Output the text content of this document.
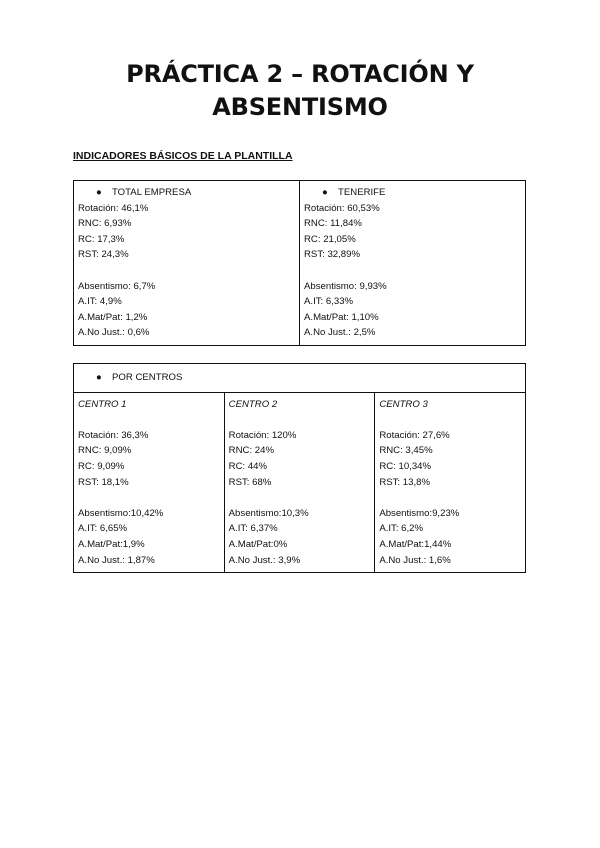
PRÁCTICA 2 – ROTACIÓN Y
ABSENTISMO
INDICADORES BÁSICOS DE LA PLANTILLA
● TOTAL EMPRESA
Rotación: 46,1%
RNC: 6,93%
RC: 17,3%
RST: 24,3%
Absentismo: 6,7%
A.IT: 4,9%
A.Mat/Pat: 1,2%
A.No Just.: 0,6%

● TENERIFE
Rotación: 60,53%
RNC: 11,84%
RC: 21,05%
RST: 32,89%
Absentismo: 9,93%
A.IT: 6,33%
A.Mat/Pat: 1,10%
A.No Just.: 2,5%
● POR CENTROS

CENTRO 1
Rotación: 36,3%
RNC: 9,09%
RC: 9,09%
RST: 18,1%
Absentismo:10,42%
A.IT: 6,65%
A.Mat/Pat:1,9%
A.No Just.: 1,87%

CENTRO 2
Rotación: 120%
RNC: 24%
RC: 44%
RST: 68%
Absentismo:10,3%
A.IT: 6,37%
A.Mat/Pat:0%
A.No Just.: 3,9%

CENTRO 3
Rotación: 27,6%
RNC: 3,45%
RC: 10,34%
RST: 13,8%
Absentismo:9,23%
A.IT: 6,2%
A.Mat/Pat:1,44%
A.No Just.: 1,6%
